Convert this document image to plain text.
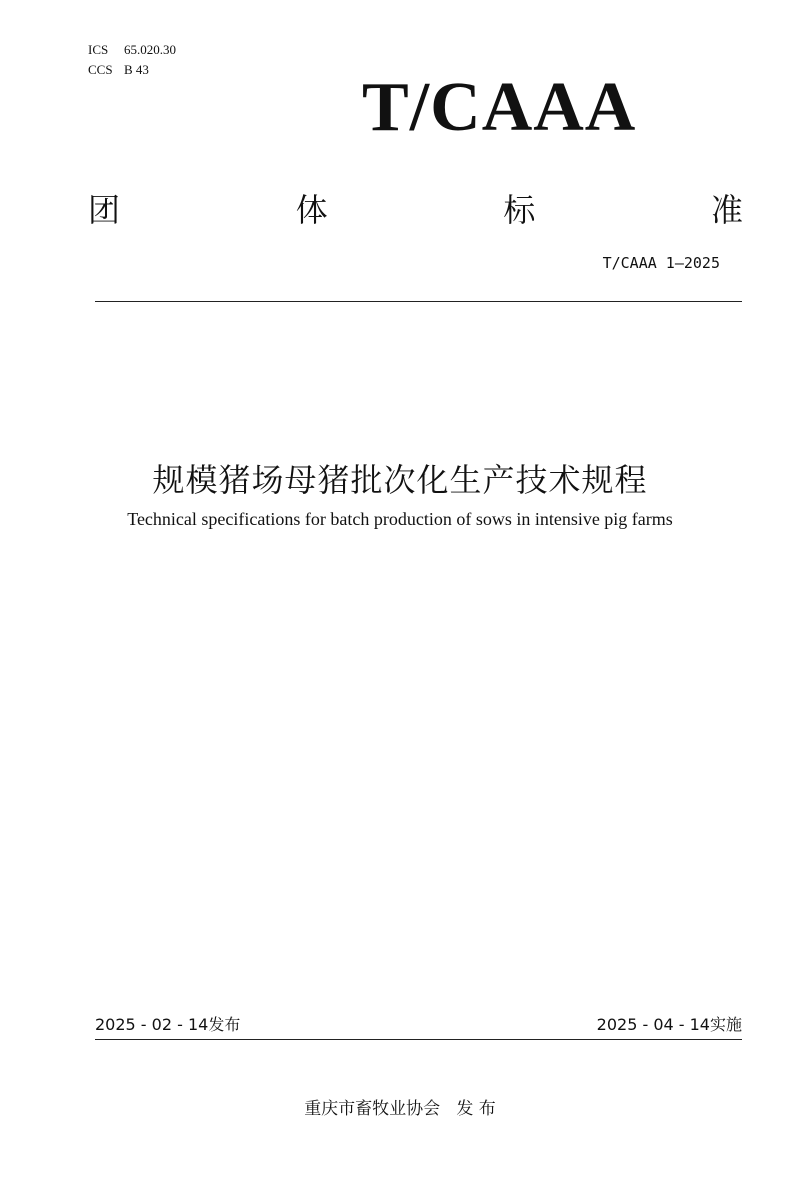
ICS 65.020.30
CCS B 43	T/CAAA
团	体	标	准
T/CAAA 1—2025
规模猪场母猪批次化生产技术规程
Technical specifications for batch production of sows in intensive pig farms
2025 - 02 - 14发布	2025 - 04 - 14实施
重庆市畜牧业协会 发 布
